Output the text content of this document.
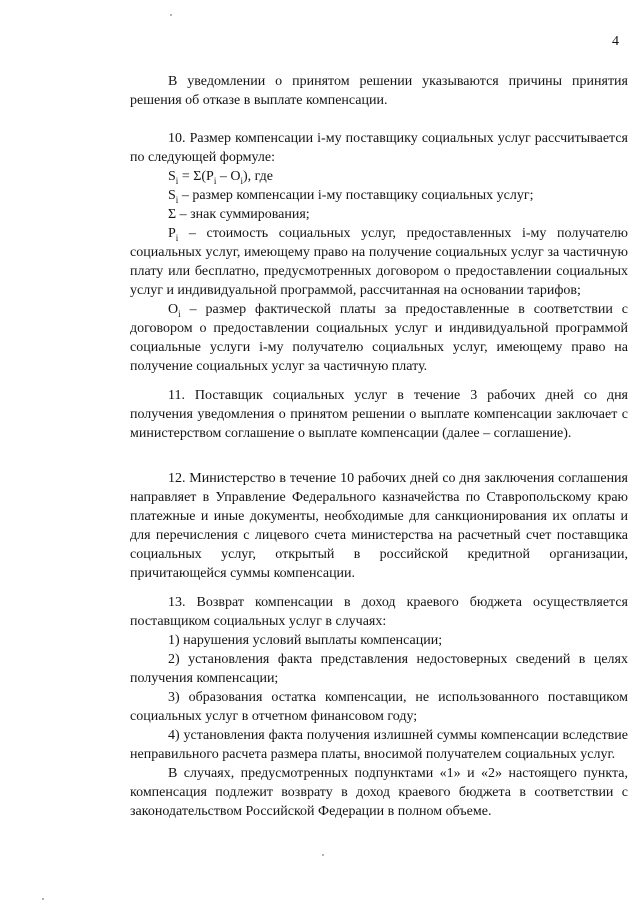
4

В уведомлении о принятом решении указываются причины принятия решения об отказе в выплате компенсации.

10. Размер компенсации i-му поставщику социальных услуг рассчитывается по следующей формуле:

$S_i = \Sigma(P_i - O_i)$, где

$S_i$ – размер компенсации i-му поставщику социальных услуг;

Σ – знак суммирования;

$P_i$ – стоимость социальных услуг, предоставленных i-му получателю социальных услуг, имеющему право на получение социальных услуг за частичную плату или бесплатно, предусмотренных договором о предоставлении социальных услуг и индивидуальной программой, рассчитанная на основании тарифов;

$O_i$ – размер фактической платы за предоставленные в соответствии с договором о предоставлении социальных услуг и индивидуальной программой социальные услуги i-му получателю социальных услуг, имеющему право на получение социальных услуг за частичную плату.

11. Поставщик социальных услуг в течение 3 рабочих дней со дня получения уведомления о принятом решении о выплате компенсации заключает с министерством соглашение о выплате компенсации (далее – соглашение).

12. Министерство в течение 10 рабочих дней со дня заключения соглашения направляет в Управление Федерального казначейства по Ставропольскому краю платежные и иные документы, необходимые для санкционирования их оплаты и для перечисления с лицевого счета министерства на расчетный счет поставщика социальных услуг, открытый в российской кредитной организации, причитающейся суммы компенсации.

13. Возврат компенсации в доход краевого бюджета осуществляется поставщиком социальных услуг в случаях:

1) нарушения условий выплаты компенсации;

2) установления факта представления недостоверных сведений в целях получения компенсации;

3) образования остатка компенсации, не использованного поставщиком социальных услуг в отчетном финансовом году;

4) установления факта получения излишней суммы компенсации вследствие неправильного расчета размера платы, вносимой получателем социальных услуг.

В случаях, предусмотренных подпунктами «1» и «2» настоящего пункта, компенсация подлежит возврату в доход краевого бюджета в соответствии с законодательством Российской Федерации в полном объеме.
